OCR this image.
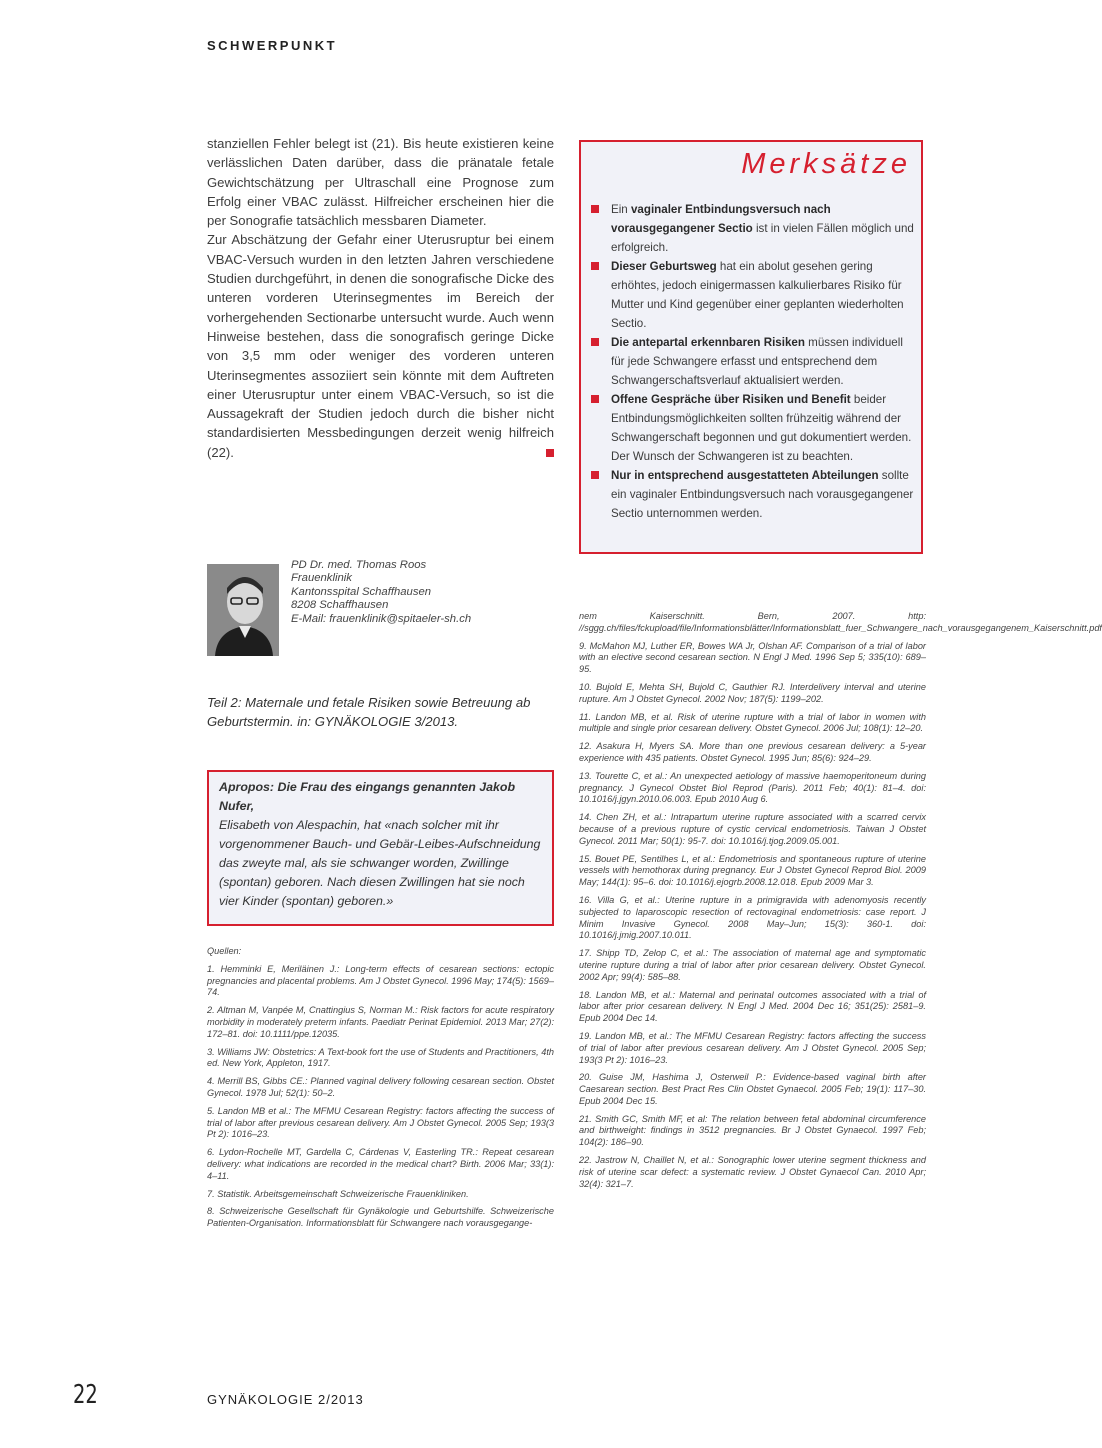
SCHWERPUNKT

stanziellen Fehler belegt ist (21). Bis heute existieren keine verlässlichen Daten darüber, dass die pränatale fetale Gewichtschätzung per Ultraschall eine Prognose zum Erfolg einer VBAC zulässt. Hilfreicher erscheinen hier die per Sonografie tatsächlich messbaren Diameter.

Zur Abschätzung der Gefahr einer Uterusruptur bei einem VBAC-Versuch wurden in den letzten Jahren verschiedene Studien durchgeführt, in denen die sonografische Dicke des unteren vorderen Uterinsegmentes im Bereich der vorhergehenden Sectionarbe untersucht wurde. Auch wenn Hinweise bestehen, dass die sonografisch geringe Dicke von 3,5 mm oder weniger des vorderen unteren Uterinsegmentes assoziiert sein könnte mit dem Auftreten einer Uterusruptur unter einem VBAC-Versuch, so ist die Aussagekraft der Studien jedoch durch die bisher nicht standardisierten Messbedingungen derzeit wenig hilfreich (22).

Merksätze
Ein vaginaler Entbindungsversuch nach vorausgegangener Sectio ist in vielen Fällen möglich und erfolgreich.
Dieser Geburtsweg hat ein abolut gesehen gering erhöhtes, jedoch einigermassen kalkulierbares Risiko für Mutter und Kind gegenüber einer geplanten wiederholten Sectio.
Die antepartal erkennbaren Risiken müssen individuell für jede Schwangere erfasst und entsprechend dem Schwangerschaftsverlauf aktualisiert werden.
Offene Gespräche über Risiken und Benefit beider Entbindungsmöglichkeiten sollten frühzeitig während der Schwangerschaft begonnen und gut dokumentiert werden. Der Wunsch der Schwangeren ist zu beachten.
Nur in entsprechend ausgestatteten Abteilungen sollte ein vaginaler Entbindungsversuch nach vorausgegangener Sectio unternommen werden.
PD Dr. med. Thomas Roos
Frauenklinik
Kantonsspital Schaffhausen
8208 Schaffhausen
E-Mail: frauenklinik@spitaeler-sh.ch
Teil 2: Maternale und fetale Risiken sowie Betreuung ab Geburtstermin. in: GYNÄKOLOGIE 3/2013.
Apropos: Die Frau des eingangs genannten Jakob Nufer,
Elisabeth von Alespachin, hat «nach solcher mit ihr vorgenommener Bauch- und Gebär-Leibes-Aufschneidung das zweyte mal, als sie schwanger worden, Zwillinge (spontan) geboren. Nach diesen Zwillingen hat sie noch vier Kinder (spontan) geboren.»
Quellen:

1. Hemminki E, Meriläinen J.: Long-term effects of cesarean sections: ectopic pregnancies and placental problems. Am J Obstet Gynecol. 1996 May; 174(5): 1569–74.

2. Altman M, Vanpée M, Cnattingius S, Norman M.: Risk factors for acute respiratory morbidity in moderately preterm infants. Paediatr Perinat Epidemiol. 2013 Mar; 27(2): 172–81. doi: 10.1111/ppe.12035.

3. Williams JW: Obstetrics: A Text-book fort the use of Students and Practitioners, 4th ed. New York, Appleton, 1917.

4. Merrill BS, Gibbs CE.: Planned vaginal delivery following cesarean section. Obstet Gynecol. 1978 Jul; 52(1): 50–2.

5. Landon MB et al.: The MFMU Cesarean Registry: factors affecting the success of trial of labor after previous cesarean delivery. Am J Obstet Gynecol. 2005 Sep; 193(3 Pt 2): 1016–23.

6. Lydon-Rochelle MT, Gardella C, Cárdenas V, Easterling TR.: Repeat cesarean delivery: what indications are recorded in the medical chart? Birth. 2006 Mar; 33(1): 4–11.

7. Statistik. Arbeitsgemeinschaft Schweizerische Frauenkliniken.

8. Schweizerische Gesellschaft für Gynäkologie und Geburtshilfe. Schweizerische Patienten-Organisation. Informationsblatt für Schwangere nach vorausgegange-

nem Kaiserschnitt. Bern, 2007. http: //sggg.ch/files/fckupload/file/Informationsblätter/Informationsblatt_fuer_Schwangere_nach_vorausgegangenem_Kaiserschnitt.pdf

9. McMahon MJ, Luther ER, Bowes WA Jr, Olshan AF. Comparison of a trial of labor with an elective second cesarean section. N Engl J Med. 1996 Sep 5; 335(10): 689–95.

10. Bujold E, Mehta SH, Bujold C, Gauthier RJ. Interdelivery interval and uterine rupture. Am J Obstet Gynecol. 2002 Nov; 187(5): 1199–202.

11. Landon MB, et al. Risk of uterine rupture with a trial of labor in women with multiple and single prior cesarean delivery. Obstet Gynecol. 2006 Jul; 108(1): 12–20.

12. Asakura H, Myers SA. More than one previous cesarean delivery: a 5-year experience with 435 patients. Obstet Gynecol. 1995 Jun; 85(6): 924–29.

13. Tourette C, et al.: An unexpected aetiology of massive haemoperitoneum during pregnancy. J Gynecol Obstet Biol Reprod (Paris). 2011 Feb; 40(1): 81–4. doi: 10.1016/j.jgyn.2010.06.003. Epub 2010 Aug 6.

14. Chen ZH, et al.: Intrapartum uterine rupture associated with a scarred cervix because of a previous rupture of cystic cervical endometriosis. Taiwan J Obstet Gynecol. 2011 Mar; 50(1): 95-7. doi: 10.1016/j.tjog.2009.05.001.

15. Bouet PE, Sentilhes L, et al.: Endometriosis and spontaneous rupture of uterine vessels with hemothorax during pregnancy. Eur J Obstet Gynecol Reprod Biol. 2009 May; 144(1): 95–6. doi: 10.1016/j.ejogrb.2008.12.018. Epub 2009 Mar 3.

16. Villa G, et al.: Uterine rupture in a primigravida with adenomyosis recently subjected to laparoscopic resection of rectovaginal endometriosis: case report. J Minim Invasive Gynecol. 2008 May–Jun; 15(3): 360-1. doi: 10.1016/j.jmig.2007.10.011.

17. Shipp TD, Zelop C, et al.: The association of maternal age and symptomatic uterine rupture during a trial of labor after prior cesarean delivery. Obstet Gynecol. 2002 Apr; 99(4): 585–88.

18. Landon MB, et al.: Maternal and perinatal outcomes associated with a trial of labor after prior cesarean delivery. N Engl J Med. 2004 Dec 16; 351(25): 2581–9. Epub 2004 Dec 14.

19. Landon MB, et al.: The MFMU Cesarean Registry: factors affecting the success of trial of labor after previous cesarean delivery. Am J Obstet Gynecol. 2005 Sep; 193(3 Pt 2): 1016–23.

20. Guise JM, Hashima J, Osterweil P.: Evidence-based vaginal birth after Caesarean section. Best Pract Res Clin Obstet Gynaecol. 2005 Feb; 19(1): 117–30. Epub 2004 Dec 15.

21. Smith GC, Smith MF, et al: The relation between fetal abdominal circumference and birthweight: findings in 3512 pregnancies. Br J Obstet Gynaecol. 1997 Feb; 104(2): 186–90.

22. Jastrow N, Chaillet N, et al.: Sonographic lower uterine segment thickness and risk of uterine scar defect: a systematic review. J Obstet Gynaecol Can. 2010 Apr; 32(4): 321–7.

22	GYNÄKOLOGIE 2/2013
